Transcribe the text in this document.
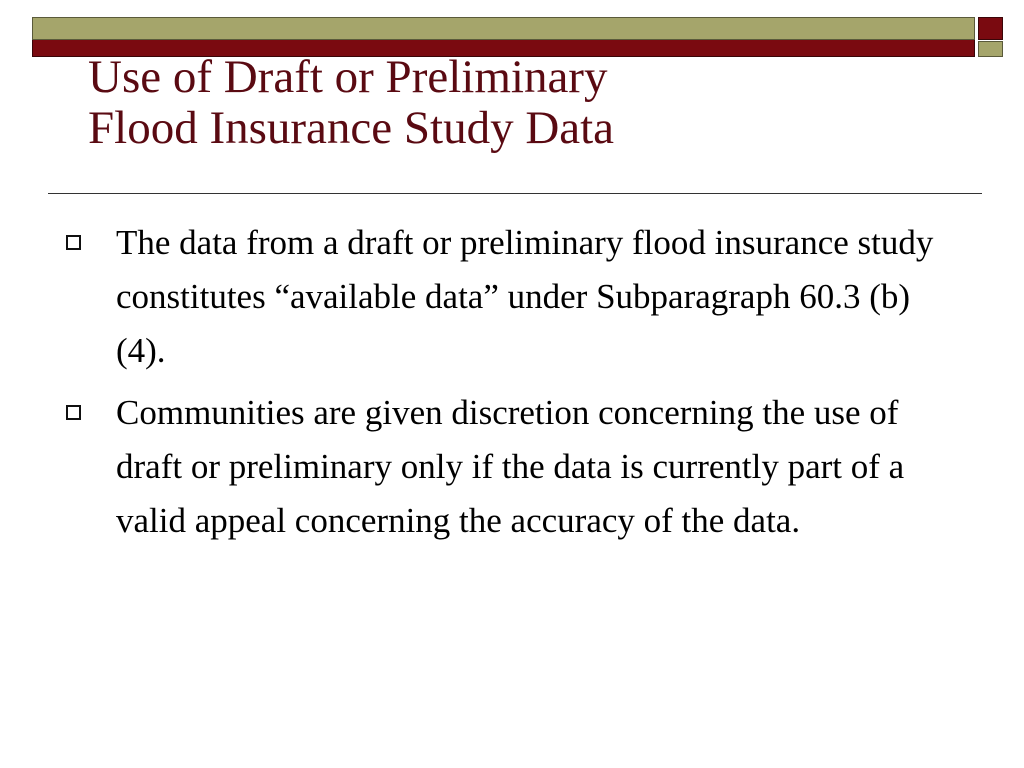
Use of Draft or Preliminary
Flood Insurance Study Data
The data from a draft or preliminary flood insurance study constitutes “available data” under Subparagraph 60.3 (b) (4).
Communities are given discretion concerning the use of draft or preliminary only if the data is currently part of a valid appeal concerning the accuracy of the data.
